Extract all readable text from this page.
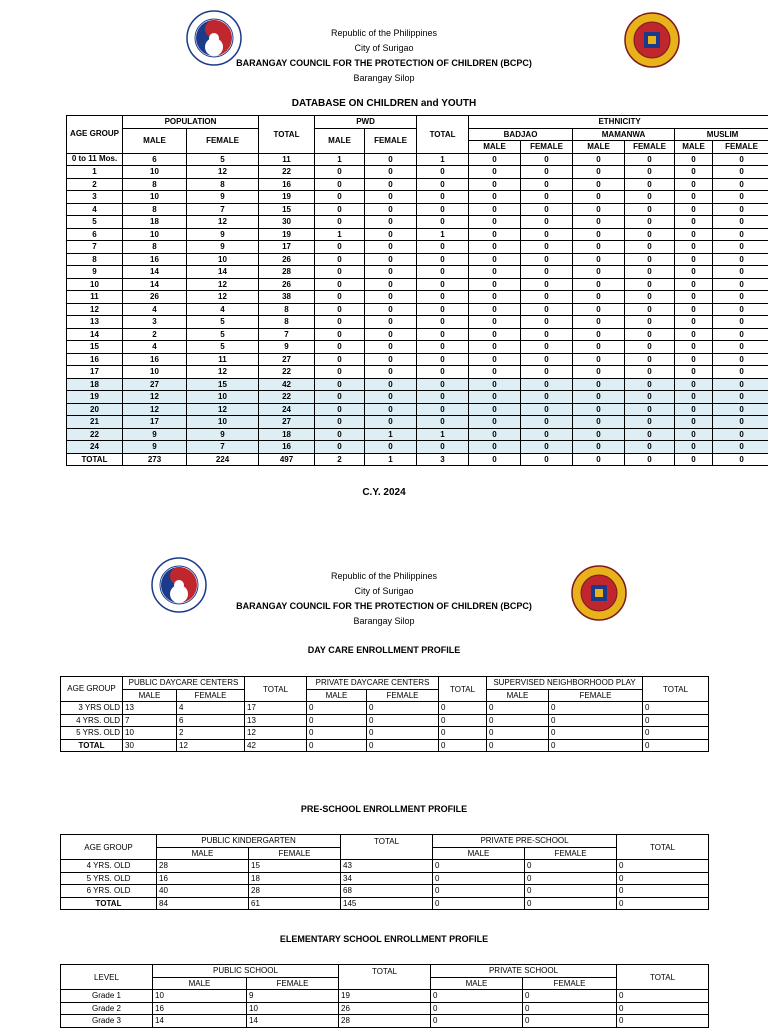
Republic of the Philippines
City of Surigao
BARANGAY COUNCIL FOR THE PROTECTION OF CHILDREN (BCPC)
Barangay Silop
DATABASE ON CHILDREN and YOUTH
AGE GROUP	POPULATION		TOTAL	PWD		TOTAL	ETHNICITY					
	MALE	FEMALE		MALE	FEMALE		BADJAO		MAMANWA		MUSLIM	
							MALE	FEMALE	MALE	FEMALE	MALE	FEMALE
0 to 11 Mos.	6	5	11	1	0	1	0	0	0	0	0	0
1	10	12	22	0	0	0	0	0	0	0	0	0
2	8	8	16	0	0	0	0	0	0	0	0	0
3	10	9	19	0	0	0	0	0	0	0	0	0
4	8	7	15	0	0	0	0	0	0	0	0	0
5	18	12	30	0	0	0	0	0	0	0	0	0
6	10	9	19	1	0	1	0	0	0	0	0	0
7	8	9	17	0	0	0	0	0	0	0	0	0
8	16	10	26	0	0	0	0	0	0	0	0	0
9	14	14	28	0	0	0	0	0	0	0	0	0
10	14	12	26	0	0	0	0	0	0	0	0	0
11	26	12	38	0	0	0	0	0	0	0	0	0
12	4	4	8	0	0	0	0	0	0	0	0	0
13	3	5	8	0	0	0	0	0	0	0	0	0
14	2	5	7	0	0	0	0	0	0	0	0	0
15	4	5	9	0	0	0	0	0	0	0	0	0
16	16	11	27	0	0	0	0	0	0	0	0	0
17	10	12	22	0	0	0	0	0	0	0	0	0
18	27	15	42	0	0	0	0	0	0	0	0	0
19	12	10	22	0	0	0	0	0	0	0	0	0
20	12	12	24	0	0	0	0	0	0	0	0	0
21	17	10	27	0	0	0	0	0	0	0	0	0
22	9	9	18	0	1	1	0	0	0	0	0	0
24	9	7	16	0	0	0	0	0	0	0	0	0
TOTAL	273	224	497	2	1	3	0	0	0	0	0	0
C.Y. 2024
Republic of the Philippines
City of Surigao
BARANGAY COUNCIL FOR THE PROTECTION OF CHILDREN (BCPC)
Barangay Silop
DAY CARE ENROLLMENT PROFILE
AGE GROUP	PUBLIC DAYCARE CENTERS		TOTAL	PRIVATE DAYCARE CENTERS		TOTAL	SUPERVISED NEIGHBORHOOD PLAY		TOTAL
	MALE	FEMALE		MALE	FEMALE		MALE	FEMALE	
3 YRS OLD	13	4	17	0	0	0	0	0	0
4 YRS. OLD	7	6	13	0	0	0	0	0	0
5 YRS. OLD	10	2	12	0	0	0	0	0	0
TOTAL	30	12	42	0	0	0	0	0	0
PRE-SCHOOL ENROLLMENT PROFILE
AGE GROUP	PUBLIC KINDERGARTEN		TOTAL	PRIVATE PRE-SCHOOL		TOTAL
	MALE	FEMALE		MALE	FEMALE	
4 YRS. OLD	28	15	43	0	0	0
5 YRS. OLD	16	18	34	0	0	0
6 YRS. OLD	40	28	68	0	0	0
TOTAL	84	61	145	0	0	0
ELEMENTARY SCHOOL ENROLLMENT PROFILE
LEVEL	PUBLIC SCHOOL		TOTAL	PRIVATE SCHOOL		TOTAL
	MALE	FEMALE		MALE	FEMALE	
Grade 1	10	9	19	0	0	0
Grade 2	16	10	26	0	0	0
Grade 3	14	14	28	0	0	0
